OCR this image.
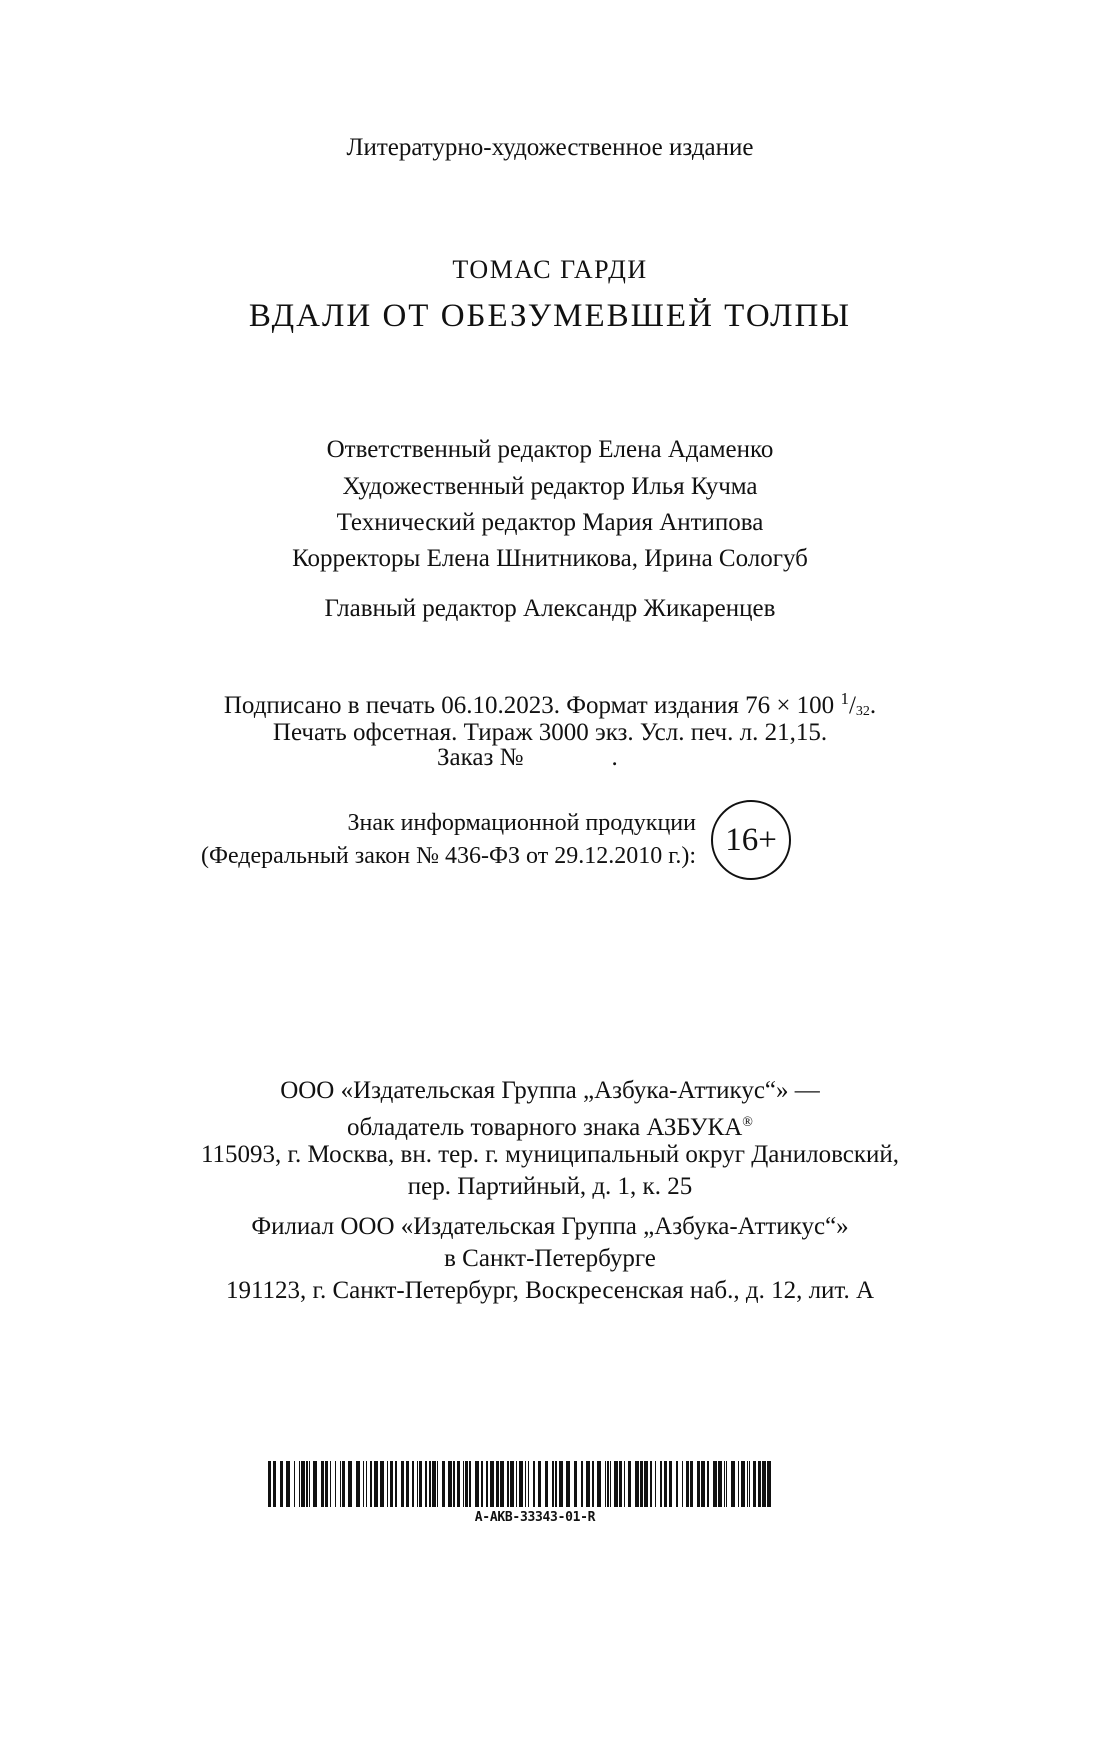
Литературно-художественное издание
ТОМАС ГАРДИ
ВДАЛИ ОТ ОБЕЗУМЕВШЕЙ ТОЛПЫ
Ответственный редактор Елена Адаменко
Художественный редактор Илья Кучма
Технический редактор Мария Антипова
Корректоры Елена Шнитникова, Ирина Сологуб
Главный редактор Александр Жикаренцев
Подписано в печать 06.10.2023. Формат издания 76 × 100 $^1$/32.
Печать офсетная. Тираж 3000 экз. Усл. печ. л. 21,15.
Заказ №	.
Знак информационной продукции
(Федеральный закон № 436-ФЗ от 29.12.2010 г.): 16+
ООО «Издательская Группа „Азбука-Аттикус“» —
обладатель товарного знака АЗБУКА®
115093, г. Москва, вн. тер. г. муниципальный округ Даниловский,
пер. Партийный, д. 1, к. 25
Филиал ООО «Издательская Группа „Азбука-Аттикус“»
в Санкт-Петербурге
191123, г. Санкт-Петербург, Воскресенская наб., д. 12, лит. А
A-AKB-33343-01-R
